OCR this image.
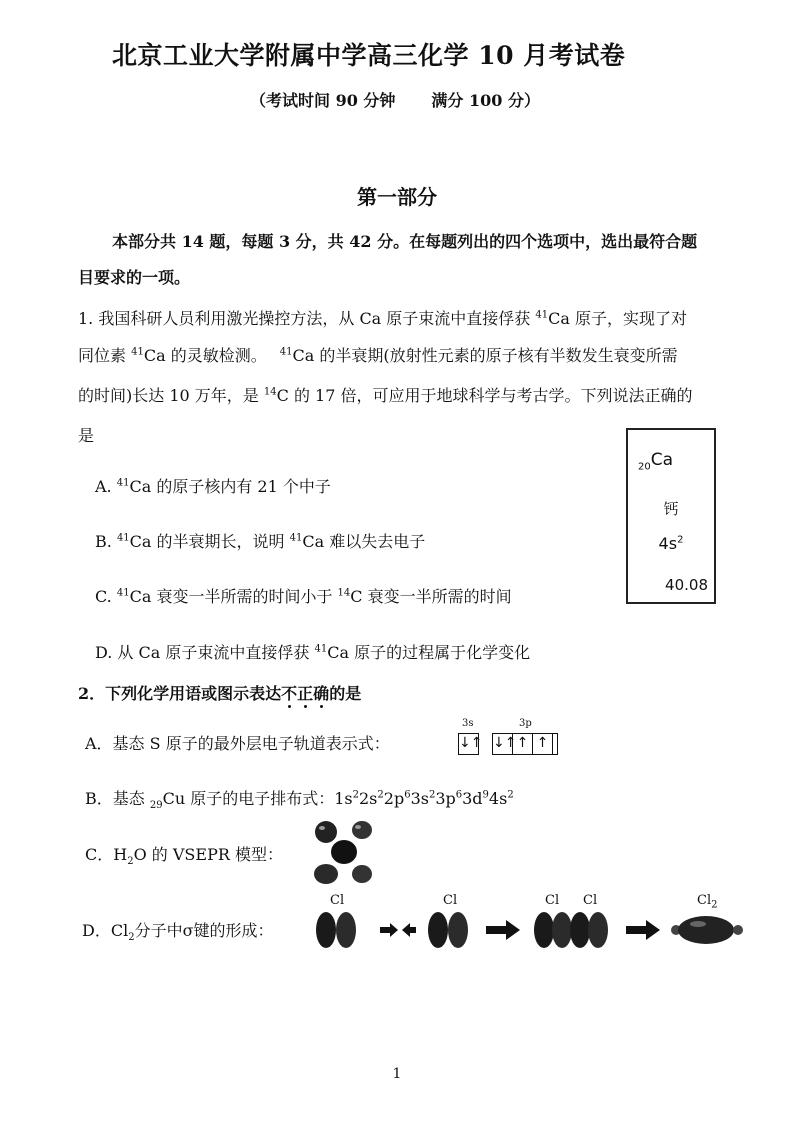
北京工业大学附属中学高三化学 10 月考试卷
（考试时间 90 分钟 满分 100 分）
第一部分
本部分共 14 题，每题 3 分，共 42 分。在每题列出的四个选项中，选出最符合题
目要求的一项。
1. 我国科研人员利用激光操控方法，从 Ca 原子束流中直接俘获 $^{41}$Ca 原子，实现了对
同位素 $^{41}$Ca 的灵敏检测。 $^{41}$Ca 的半衰期(放射性元素的原子核有半数发生衰变所需
的时间)长达 10 万年，是 $^{14}$C 的 17 倍，可应用于地球科学与考古学。下列说法正确的
是
A. $^{41}$Ca 的原子核内有 21 个中子
B. $^{41}$Ca 的半衰期长，说明 $^{41}$Ca 难以失去电子
C. $^{41}$Ca 衰变一半所需的时间小于 $^{14}$C 衰变一半所需的时间
D. 从 Ca 原子束流中直接俘获 $^{41}$Ca 原子的过程属于化学变化
$_{20}$Ca
钙
$4s^2$
40.08
2．下列化学用语或图示表达不正确的是
A．基态 S 原子的最外层电子轨道表示式：
3s	3p
↓↑ ↓↑ ↑ ↑
B．基态 $_{29}$Cu 原子的电子排布式：$1s^22s^22p^63s^23p^63d^94s^2$
C．$H_2O$ 的 VSEPR 模型：
D．$Cl_2$分子中σ键的形成：
Cl	Cl	Cl Cl	$Cl_2$
1
